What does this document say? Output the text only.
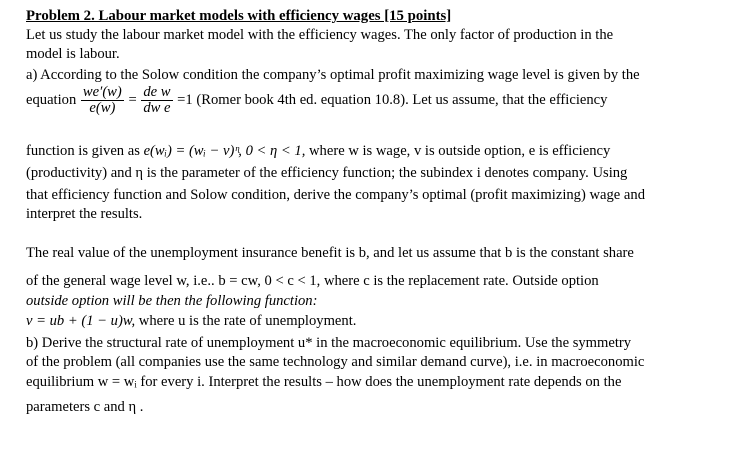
Problem 2. Labour market models with efficiency wages [15 points]
Let us study the labour market model with the efficiency wages. The only factor of production in the
model is labour.
a) According to the Solow condition the company’s optimal profit maximizing wage level is given by the
equation $\frac{we'(w)}{e(w)} = \frac{\text{de w}}{\text{dw e}} =1$ (Romer book 4th ed. equation 10.8). Let us assume, that the efficiency
function is given as e(wᵢ) = (wᵢ − v)ᶯ, 0 < η < 1, where w is wage, v is outside option, e is efficiency
(productivity) and η is the parameter of the efficiency function; the subindex i denotes company. Using
that efficiency function and Solow condition, derive the company’s optimal (profit maximizing) wage and
interpret the results.
The real value of the unemployment insurance benefit is b, and let us assume that b is the constant share
of the general wage level w, i.e.. b = cw, 0 < c < 1, where c is the replacement rate. Outside option
outside option will be then the following function:
v = ub + (1 − u)w, where u is the rate of unemployment.
b) Derive the structural rate of unemployment u* in the macroeconomic equilibrium. Use the symmetry
of the problem (all companies use the same technology and similar demand curve), i.e. in macroeconomic
equilibrium w = wᵢ for every i. Interpret the results – how does the unemployment rate depends on the
parameters c and η .
